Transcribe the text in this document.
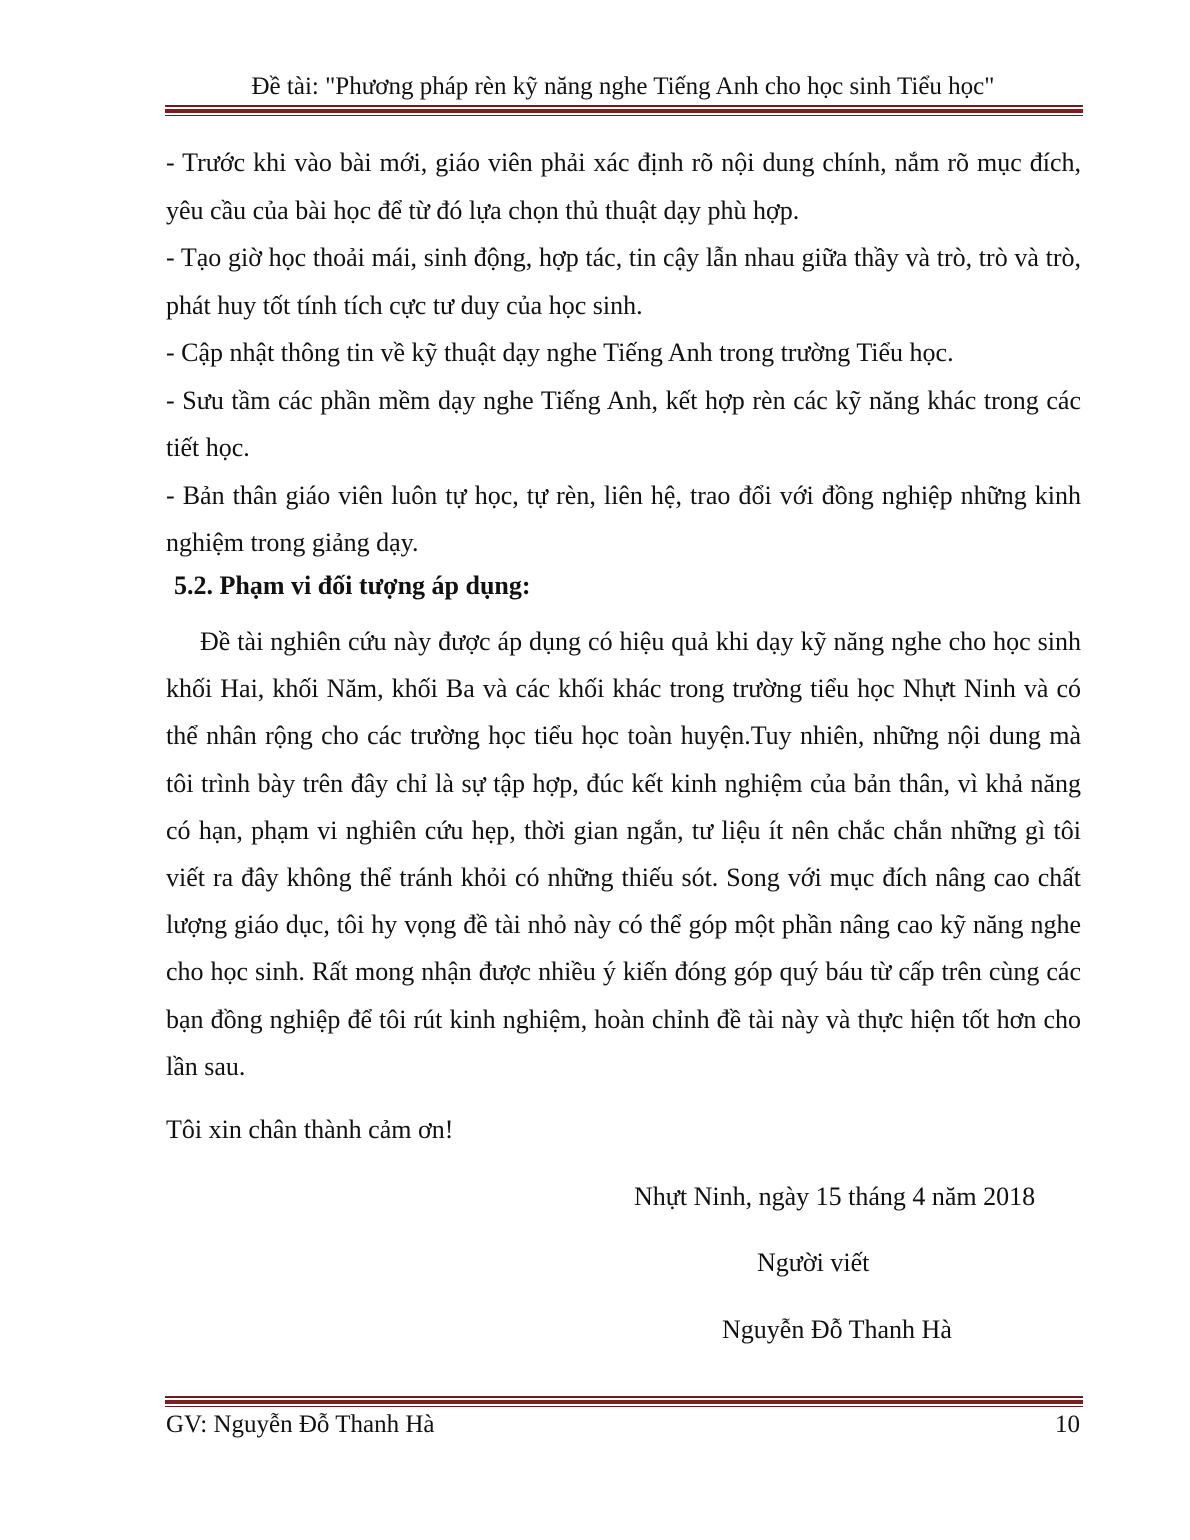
Đề tài: "Phương pháp rèn kỹ năng nghe Tiếng Anh cho học sinh Tiểu học"

- Trước khi vào bài mới, giáo viên phải xác định rõ nội dung chính, nắm rõ mục đích, yêu cầu của bài học để từ đó lựa chọn thủ thuật dạy phù hợp.

- Tạo giờ học thoải mái, sinh động, hợp tác, tin cậy lẫn nhau giữa thầy và trò, trò và trò, phát huy tốt tính tích cực tư duy của học sinh.

- Cập nhật thông tin về kỹ thuật dạy nghe Tiếng Anh trong trường Tiểu học.

- Sưu tầm các phần mềm dạy nghe Tiếng Anh, kết hợp rèn các kỹ năng khác trong các tiết học.

- Bản thân giáo viên luôn tự học, tự rèn, liên hệ, trao đổi với đồng nghiệp những kinh nghiệm trong giảng dạy.

5.2. Phạm vi đối tượng áp dụng:

Đề tài nghiên cứu này được áp dụng có hiệu quả khi dạy kỹ năng nghe cho học sinh khối Hai, khối Năm, khối Ba và các khối khác trong trường tiểu học Nhựt Ninh và có thể nhân rộng cho các trường học tiểu học toàn huyện.Tuy nhiên, những nội dung mà tôi trình bày trên đây chỉ là sự tập hợp, đúc kết kinh nghiệm của bản thân, vì khả năng có hạn, phạm vi nghiên cứu hẹp, thời gian ngắn, tư liệu ít nên chắc chắn những gì tôi viết ra đây không thể tránh khỏi có những thiếu sót. Song với mục đích nâng cao chất lượng giáo dục, tôi hy vọng đề tài nhỏ này có thể góp một phần nâng cao kỹ năng nghe cho học sinh. Rất mong nhận được nhiều ý kiến đóng góp quý báu từ cấp trên cùng các bạn đồng nghiệp để tôi rút kinh nghiệm, hoàn chỉnh đề tài này và thực hiện tốt hơn cho lần sau.

Tôi xin chân thành cảm ơn!
Nhựt Ninh, ngày 15 tháng 4 năm 2018
Người viết
Nguyễn Đỗ Thanh Hà
GV: Nguyễn Đỗ Thanh Hà	10
